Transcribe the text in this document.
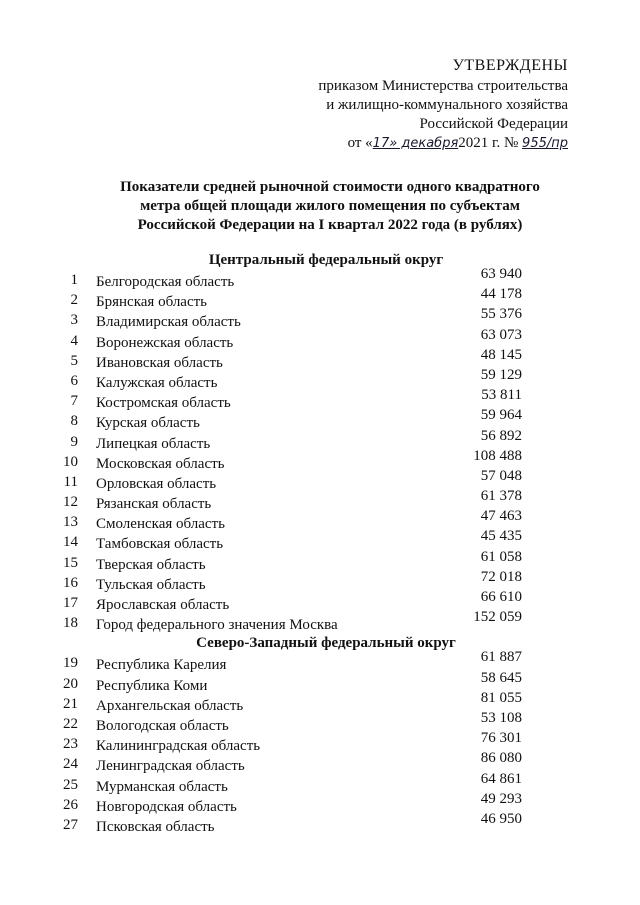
УТВЕРЖДЕНЫ
приказом Министерства строительства
и жилищно-коммунального хозяйства
Российской Федерации
от «17» декабря2021 г. № 955/пр
Показатели средней рыночной стоимости одного квадратного
метра общей площади жилого помещения по субъектам
Российской Федерации на I квартал 2022 года (в рублях)
Центральный федеральный округ
1 Белгородская область	63 940
2 Брянская область	44 178
3 Владимирская область	55 376
4 Воронежская область	63 073
5 Ивановская область	48 145
6 Калужская область	59 129
7 Костромская область	53 811
8 Курская область	59 964
9 Липецкая область	56 892
10 Московская область	108 488
11 Орловская область	57 048
12 Рязанская область	61 378
13 Смоленская область	47 463
14 Тамбовская область	45 435
15 Тверская область	61 058
16 Тульская область	72 018
17 Ярославская область	66 610
18 Город федерального значения Москва	152 059
Северо-Западный федеральный округ
19 Республика Карелия	61 887
20 Республика Коми	58 645
21 Архангельская область	81 055
22 Вологодская область	53 108
23 Калининградская область	76 301
24 Ленинградская область	86 080
25 Мурманская область	64 861
26 Новгородская область	49 293
27 Псковская область	46 950
